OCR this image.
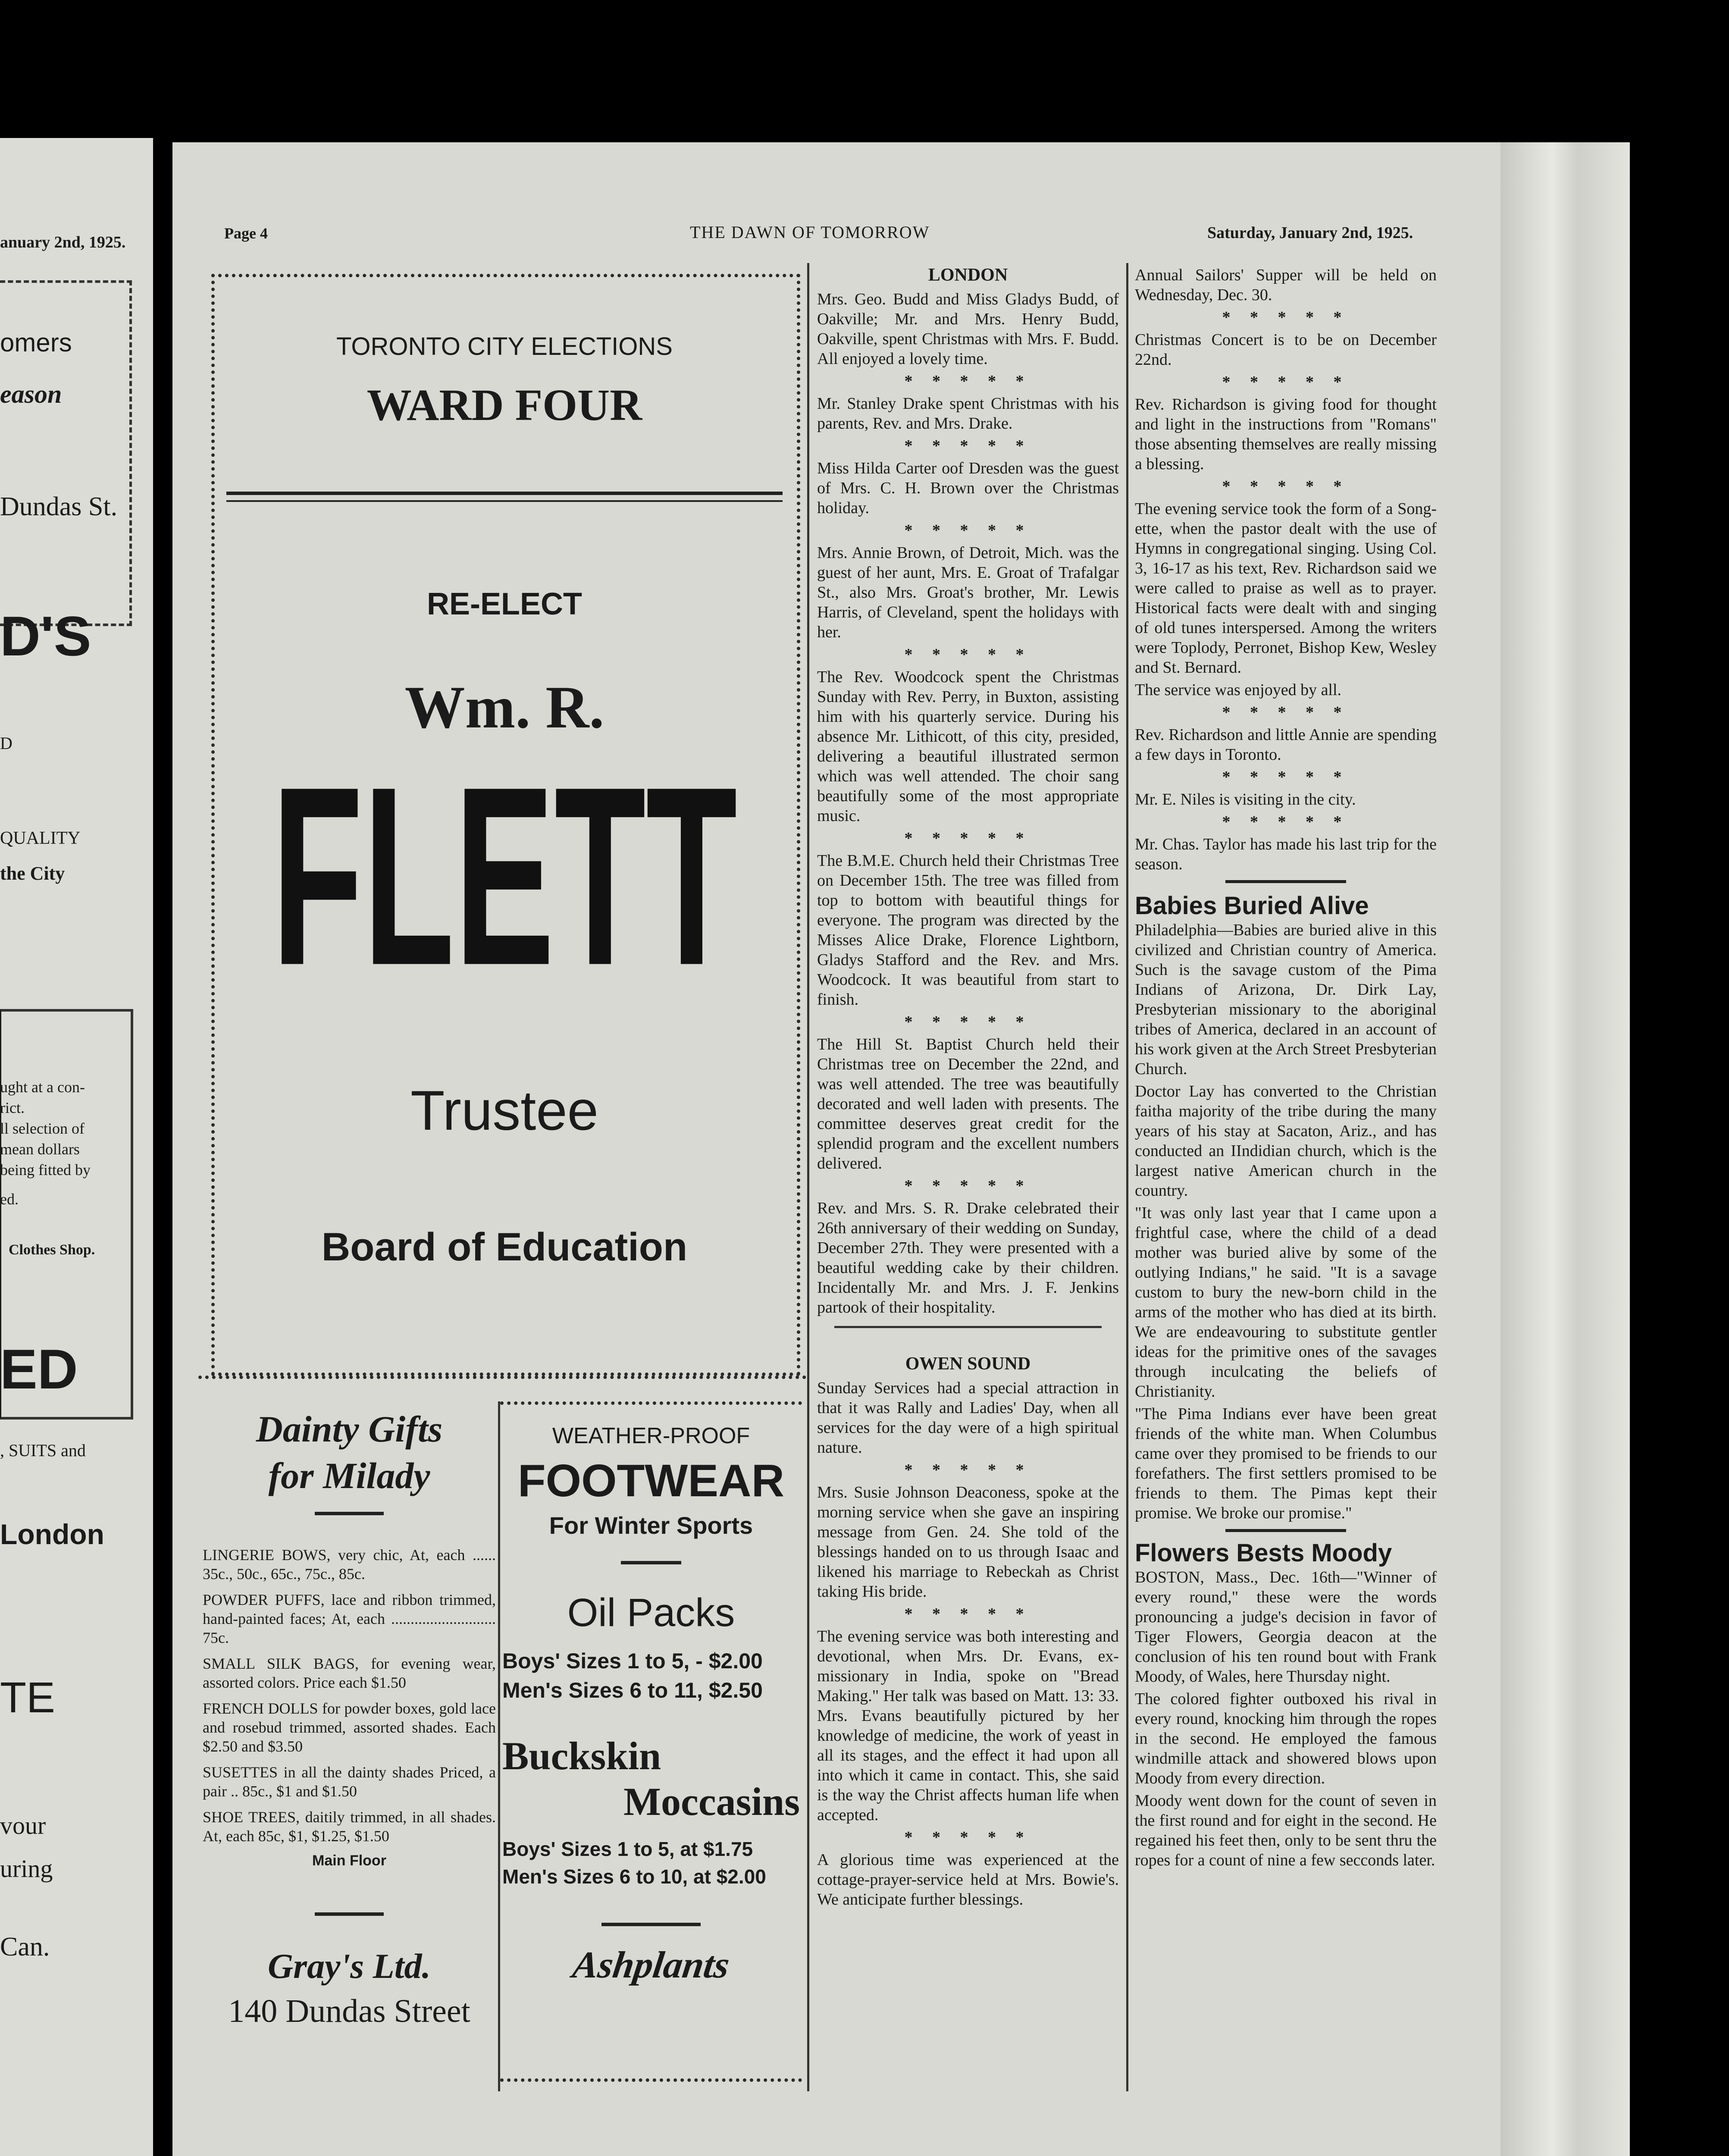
anuary 2nd, 1925.
omers
eason
Dundas St.
D'S
D
QUALITY
the City
ught at a con-
rict.
ll selection of
mean dollars
being fitted by
ed.
Clothes Shop.
ED
, SUITS and
London
TE
vour
uring
Can.
Page 4	THE DAWN OF TOMORROW	Saturday, January 2nd, 1925.
TORONTO CITY ELECTIONS
WARD FOUR
RE-ELECT
Wm. R.
FLETT
Trustee
Board of Education
Dainty Gifts
for Milady

LINGERIE BOWS, very chic, At, each ...... 35c., 50c., 65c., 75c., 85c.

POWDER PUFFS, lace and ribbon trimmed, hand-painted faces; At, each ........................... 75c.

SMALL SILK BAGS, for evening wear, assorted colors. Price each $1.50

FRENCH DOLLS for powder boxes, gold lace and rosebud trimmed, assorted shades. Each $2.50 and $3.50

SUSETTES in all the dainty shades Priced, a pair .. 85c., $1 and $1.50

SHOE TREES, daitily trimmed, in all shades. At, each 85c, $1, $1.25, $1.50

Main Floor
Gray's Ltd.
140 Dundas Street
WEATHER-PROOF
FOOTWEAR
For Winter Sports
Oil Packs
Boys' Sizes 1 to 5, - $2.00
Men's Sizes 6 to 11, $2.50
Buckskin
Moccasins
Boys' Sizes 1 to 5, at $1.75
Men's Sizes 6 to 10, at $2.00
Ashplants
LONDON

Mrs. Geo. Budd and Miss Gladys Budd, of Oakville; Mr. and Mrs. Henry Budd, Oakville, spent Christmas with Mrs. F. Budd. All enjoyed a lovely time.

* * * * *

Mr. Stanley Drake spent Christmas with his parents, Rev. and Mrs. Drake.

* * * * *

Miss Hilda Carter oof Dresden was the guest of Mrs. C. H. Brown over the Christmas holiday.

* * * * *

Mrs. Annie Brown, of Detroit, Mich. was the guest of her aunt, Mrs. E. Groat of Trafalgar St., also Mrs. Groat's brother, Mr. Lewis Harris, of Cleveland, spent the holidays with her.

* * * * *

The Rev. Woodcock spent the Christmas Sunday with Rev. Perry, in Buxton, assisting him with his quarterly service. During his absence Mr. Lithicott, of this city, presided, delivering a beautiful illustrated sermon which was well attended. The choir sang beautifully some of the most appropriate music.

* * * * *

The B.M.E. Church held their Christmas Tree on December 15th. The tree was filled from top to bottom with beautiful things for everyone. The program was directed by the Misses Alice Drake, Florence Lightborn, Gladys Stafford and the Rev. and Mrs. Woodcock. It was beautiful from start to finish.

* * * * *

The Hill St. Baptist Church held their Christmas tree on December the 22nd, and was well attended. The tree was beautifully decorated and well laden with presents. The committee deserves great credit for the splendid program and the excellent numbers delivered.

* * * * *

Rev. and Mrs. S. R. Drake celebrated their 26th anniversary of their wedding on Sunday, December 27th. They were presented with a beautiful wedding cake by their children. Incidentally Mr. and Mrs. J. F. Jenkins partook of their hospitality.

OWEN SOUND

Sunday Services had a special attraction in that it was Rally and Ladies' Day, when all services for the day were of a high spiritual nature.

* * * * *

Mrs. Susie Johnson Deaconess, spoke at the morning service when she gave an inspiring message from Gen. 24. She told of the blessings handed on to us through Isaac and likened his marriage to Rebeckah as Christ taking His bride.

* * * * *

The evening service was both interesting and devotional, when Mrs. Dr. Evans, ex-missionary in India, spoke on "Bread Making." Her talk was based on Matt. 13: 33. Mrs. Evans beautifully pictured by her knowledge of medicine, the work of yeast in all its stages, and the effect it had upon all into which it came in contact. This, she said is the way the Christ affects human life when accepted.

* * * * *

A glorious time was experienced at the cottage-prayer-service held at Mrs. Bowie's. We anticipate further blessings.

Annual Sailors' Supper will be held on Wednesday, Dec. 30.

* * * * *

Christmas Concert is to be on December 22nd.

* * * * *

Rev. Richardson is giving food for thought and light in the instructions from "Romans" those absenting themselves are really missing a blessing.

* * * * *

The evening service took the form of a Song-ette, when the pastor dealt with the use of Hymns in congregational singing. Using Col. 3, 16-17 as his text, Rev. Richardson said we were called to praise as well as to prayer. Historical facts were dealt with and singing of old tunes interspersed. Among the writers were Toplody, Perronet, Bishop Kew, Wesley and St. Bernard.

The service was enjoyed by all.

* * * * *

Rev. Richardson and little Annie are spending a few days in Toronto.

* * * * *

Mr. E. Niles is visiting in the city.

* * * * *

Mr. Chas. Taylor has made his last trip for the season.

Babies Buried Alive

Philadelphia—Babies are buried alive in this civilized and Christian country of America. Such is the savage custom of the Pima Indians of Arizona, Dr. Dirk Lay, Presbyterian missionary to the aboriginal tribes of America, declared in an account of his work given at the Arch Street Presbyterian Church.

Doctor Lay has converted to the Christian faitha majority of the tribe during the many years of his stay at Sacaton, Ariz., and has conducted an IIndidian church, which is the largest native American church in the country.

"It was only last year that I came upon a frightful case, where the child of a dead mother was buried alive by some of the outlying Indians," he said. "It is a savage custom to bury the new-born child in the arms of the mother who has died at its birth. We are endeavouring to substitute gentler ideas for the primitive ones of the savages through inculcating the beliefs of Christianity.

"The Pima Indians ever have been great friends of the white man. When Columbus came over they promised to be friends to our forefathers. The first settlers promised to be friends to them. The Pimas kept their promise. We broke our promise."

Flowers Bests Moody

BOSTON, Mass., Dec. 16th—"Winner of every round," these were the words pronouncing a judge's decision in favor of Tiger Flowers, Georgia deacon at the conclusion of his ten round bout with Frank Moody, of Wales, here Thursday night.

The colored fighter outboxed his rival in every round, knocking him through the ropes in the second. He employed the famous windmille attack and showered blows upon Moody from every direction.

Moody went down for the count of seven in the first round and for eight in the second. He regained his feet then, only to be sent thru the ropes for a count of nine a few secconds later.
